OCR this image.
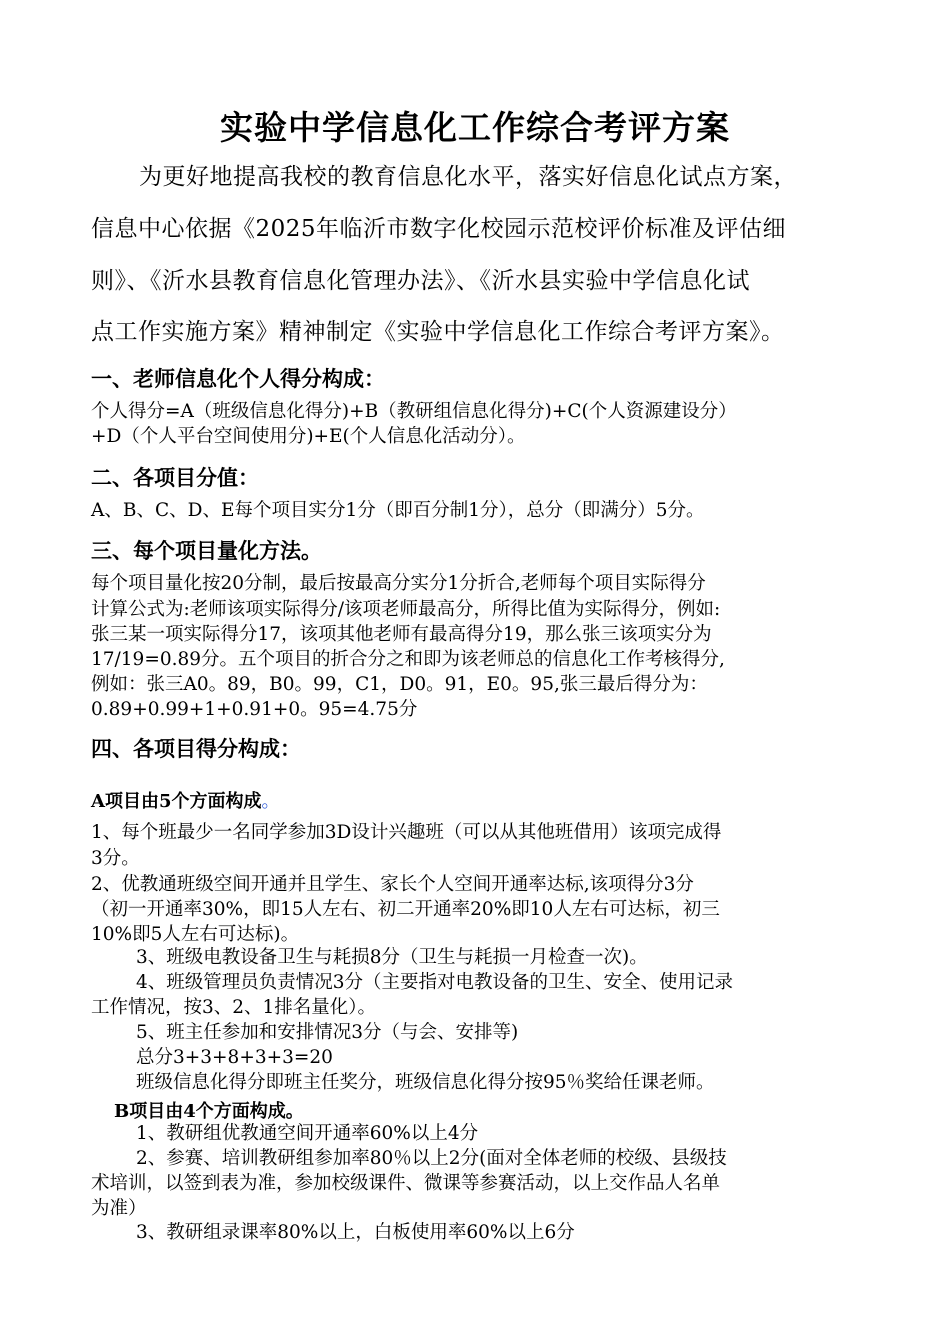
实验中学信息化工作综合考评方案
为更好地提高我校的教育信息化水平，落实好信息化试点方案，
信息中心依据《2025年临沂市数字化校园示范校评价标准及评估细
则》、《沂水县教育信息化管理办法》、《沂水县实验中学信息化试
点工作实施方案》精神制定《实验中学信息化工作综合考评方案》。
一、老师信息化个人得分构成：
个人得分=A（班级信息化得分)+B（教研组信息化得分)+C(个人资源建设分）
+D（个人平台空间使用分)+E(个人信息化活动分）。
二、各项目分值：
A、B、C、D、E每个项目实分1分（即百分制1分），总分（即满分）5分。
三、每个项目量化方法。
每个项目量化按20分制，最后按最高分实分1分折合,老师每个项目实际得分
计算公式为:老师该项实际得分/该项老师最高分，所得比值为实际得分，例如:
张三某一项实际得分17，该项其他老师有最高得分19，那么张三该项实分为
17/19=0.89分。五个项目的折合分之和即为该老师总的信息化工作考核得分,
例如：张三A0。89，B0。99，C1，D0。91，E0。95,张三最后得分为：
0.89+0.99+1+0.91+0。95=4.75分
四、各项目得分构成：
A项目由5个方面构成。
1、每个班最少一名同学参加3D设计兴趣班（可以从其他班借用）该项完成得
3分。
2、优教通班级空间开通并且学生、家长个人空间开通率达标,该项得分3分
（初一开通率30%，即15人左右、初二开通率20%即10人左右可达标，初三
10%即5人左右可达标)。
3、班级电教设备卫生与耗损8分（卫生与耗损一月检查一次)。
4、班级管理员负责情况3分（主要指对电教设备的卫生、安全、使用记录
工作情况，按3、2、1排名量化）。
5、班主任参加和安排情况3分（与会、安排等)
总分3+3+8+3+3=20
班级信息化得分即班主任奖分，班级信息化得分按95％奖给任课老师。
B项目由4个方面构成。
1、教研组优教通空间开通率60%以上4分
2、参赛、培训教研组参加率80％以上2分(面对全体老师的校级、县级技
术培训，以签到表为准，参加校级课件、微课等参赛活动，以上交作品人名单
为准）
3、教研组录课率80%以上，白板使用率60%以上6分
